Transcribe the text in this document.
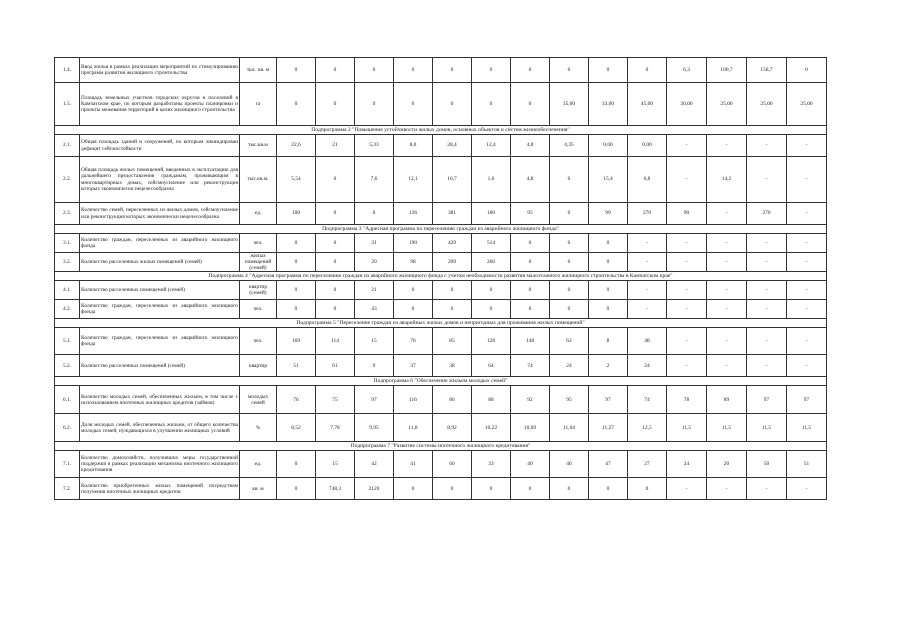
1.4.	Ввод жилья в рамках реализации мероприятий по стимулированию программ развития жилищного строительства	тыс. кв. м	0	0	0	0	0	0	0	0	0	0	6,3	100,7	158,7	0
1.5.	Площадь земельных участков городских округов и поселений в Камчатском крае, по которым разработаны проекты планировки и проекты межевания территорий в целях жилищного строительства	га	0	0	0	0	0	0	0	35,00	33,00	45,00	30,00	25,00	25,00	25,00
Подпрограмма 2 "Повышение устойчивости жилых домов, основных объектов и систем жизнеобеспечения"																
2.1.	Общая площадь зданий и сооружений, по которым ликвидирован дефицит сейсмостойкости	тыс.кв.м	22,6	21	5,33	8,0	28,4	12,4	4,8	4,35	0,00	0,00	-	-	-	-
2.2.	Общая площадь жилых помещений, введенных в эксплуатацию для дальнейшего предоставления гражданам, проживающим в многоквартирных домах, сейсмоусиление или реконструкция которых экономически нецелесообразна	тыс.кв.м.	5,54	0	7,6	12,1	16,7	1,6	4,8	0	15,4	6,8	-	14,2	-	-
2.3.	Количество семей, переселенных из жилых домов, сейсмоусиление или реконструкция которых экономически нецелесообразна	ед.	100	0	0	136	381	180	95	0	99	270	90	-	270	-
Подпрограмма 3 "Адресная программа по переселению граждан из аварийного жилищного фонда"																
3.1.	Количество граждан, переселенных из аварийного жилищного фонда	чел.	0	0	31	190	429	514	0	0	0	-	-	-	-	-
3.2.	Количество расселенных жилых помещений (семей)	жилых помещений (семей)	0	0	20	98	209	260	0	0	0	-	-	-	-	-
Подпрограмма 4 "Адресная программа по переселению граждан из аварийного жилищного фонда с учетом необходимости развития малоэтажного жилищного строительства в Камчатском крае"																
4.1.	Количество расселенных помещений (семей)	квартир (семей)	0	0	21	0	0	0	0	0	0	-	-	-	-	-
4.2.	Количество граждан, переселенных из аварийного жилищного фонда	чел.	0	0	43	0	0	0	0	0	0	-	-	-	-	-
Подпрограмма 5 "Переселение граждан из аварийных жилых домов и непригодных для проживания жилых помещений"																
5.1.	Количество граждан, переселенных из аварийного жилищного фонда	чел.	169	114	15	76	85	128	148	62	8	48	-	-	-	-
5.2.	Количество расселенных помещений (семей)	квартир	51	61	9	37	38	64	74	24	2	24	-	-	-	-
Подпрограмма 6 "Обеспечение жильем молодых семей"																
6.1.	Количество молодых семей, обеспеченных жильем, в том числе с использованием ипотечных жилищных кредитов (займов)	молодых семей	76	75	97	116	86	88	92	95	97	74	78	89	97	97
6.2.	Доля молодых семей, обеспеченных жильем, от общего количества молодых семей, нуждающихся в улучшении жилищных условий	%	8,52	7,78	9,95	11,8	8,92	10,22	10,69	11,04	11,27	12,5	11,5	11,5	11,5	11,5
Подпрограмма 7 "Развитие системы ипотечного жилищного кредитования"																
7.1.	Количество домохозяйств, получивших меры государственной поддержки в рамках реализации механизма ипотечного жилищного кредитования	ед.	0	15	42	41	60	33	40	46	47	27	24	20	50	51
7.2.	Количество приобретенных жилых помещений посредством получения ипотечных жилищных кредитов	кв. м	0	748,3	2120	0	0	0	0	0	0	0	-	-	-	-
